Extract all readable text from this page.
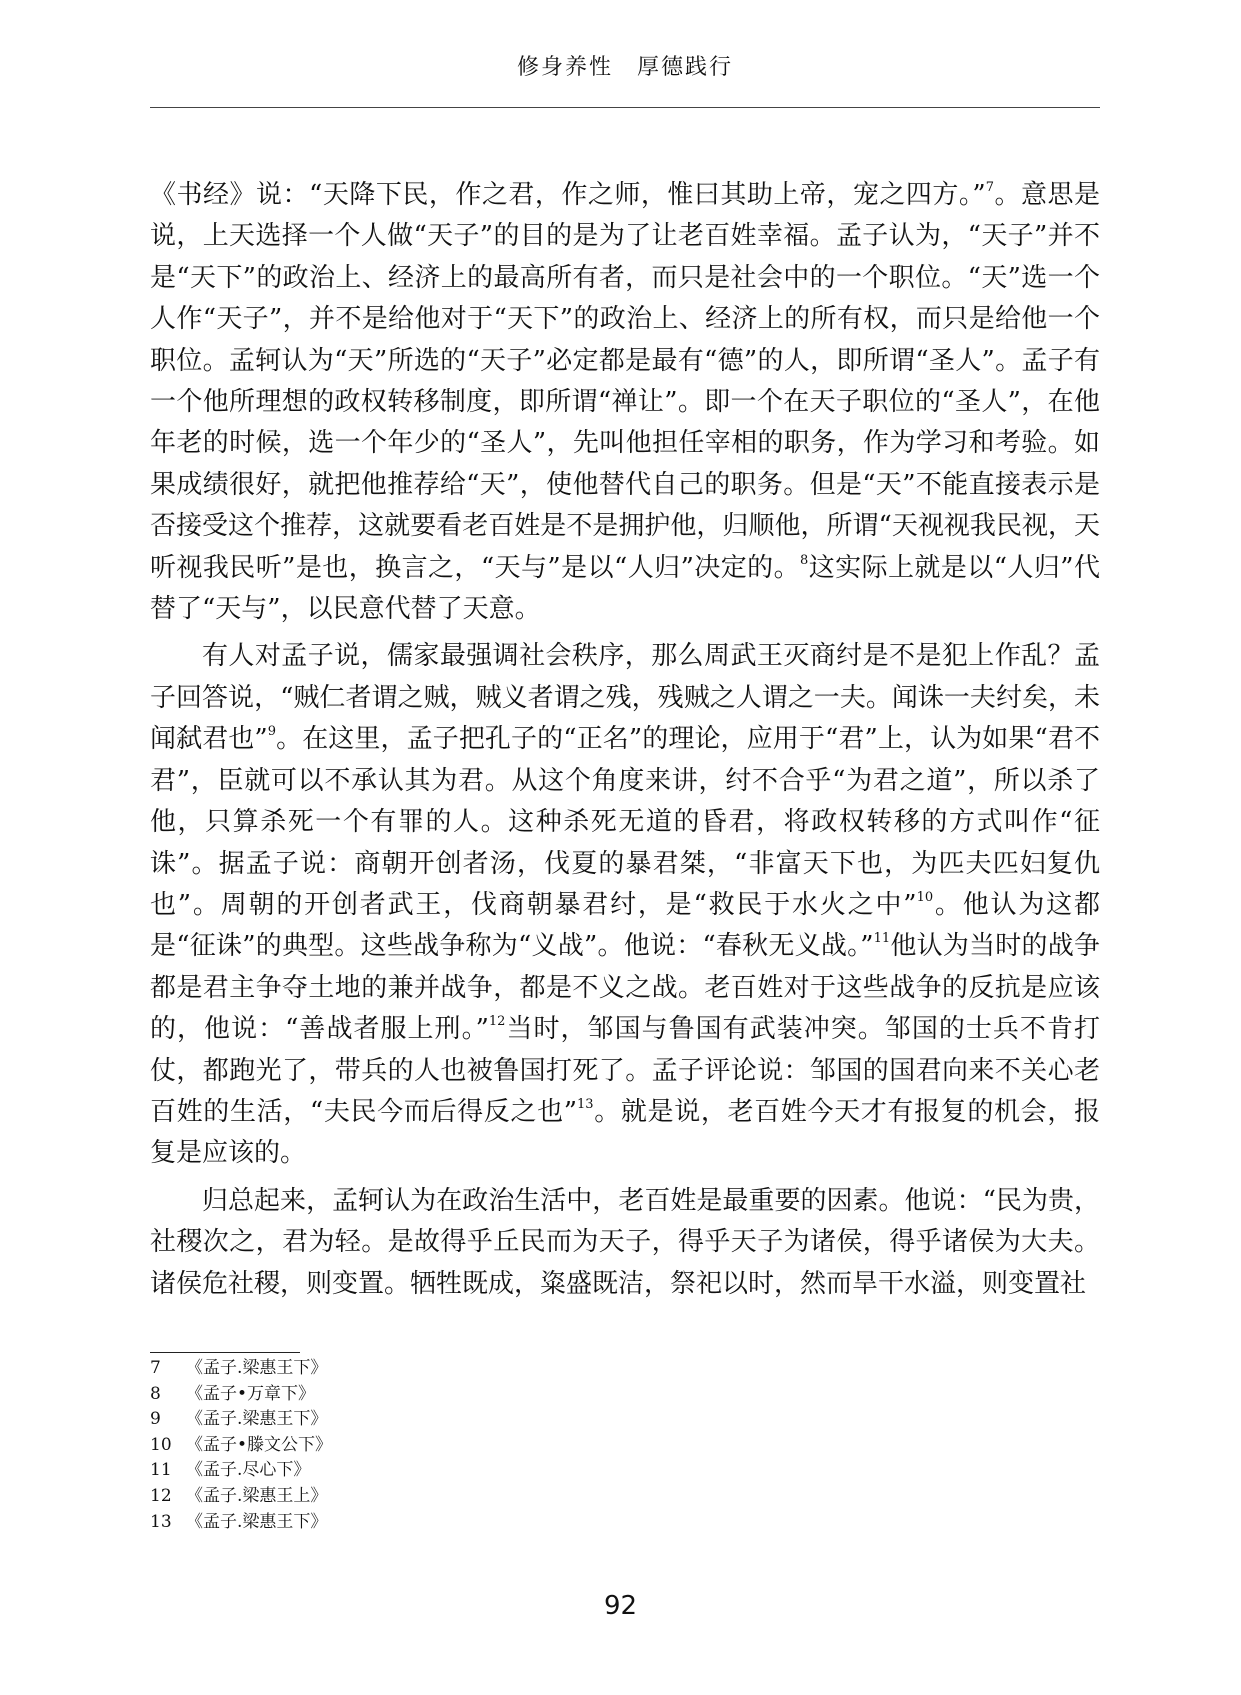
修身养性　厚德践行

《书经》说：“天降下民，作之君，作之师，惟曰其助上帝，宠之四方。”$^7$。意思是说，上天选择一个人做“天子”的目的是为了让老百姓幸福。孟子认为，“天子”并不是“天下”的政治上、经济上的最高所有者，而只是社会中的一个职位。“天”选一个人作“天子”，并不是给他对于“天下”的政治上、经济上的所有权，而只是给他一个职位。孟轲认为“天”所选的“天子”必定都是最有“德”的人，即所谓“圣人”。孟子有一个他所理想的政权转移制度，即所谓“禅让”。即一个在天子职位的“圣人”，在他年老的时候，选一个年少的“圣人”，先叫他担任宰相的职务，作为学习和考验。如果成绩很好，就把他推荐给“天”，使他替代自己的职务。但是“天”不能直接表示是否接受这个推荐，这就要看老百姓是不是拥护他，归顺他，所谓“天视视我民视，天听视我民听”是也，换言之，“天与”是以“人归”决定的。$^8$这实际上就是以“人归”代替了“天与”，以民意代替了天意。

有人对孟子说，儒家最强调社会秩序，那么周武王灭商纣是不是犯上作乱？孟子回答说，“贼仁者谓之贼，贼义者谓之残，残贼之人谓之一夫。闻诛一夫纣矣，未闻弑君也”$^9$。在这里，孟子把孔子的“正名”的理论，应用于“君”上，认为如果“君不君”，臣就可以不承认其为君。从这个角度来讲，纣不合乎“为君之道”，所以杀了他，只算杀死一个有罪的人。这种杀死无道的昏君，将政权转移的方式叫作“征诛”。据孟子说：商朝开创者汤，伐夏的暴君桀，“非富天下也，为匹夫匹妇复仇也”。周朝的开创者武王，伐商朝暴君纣，是“救民于水火之中”$^{10}$。他认为这都是“征诛”的典型。这些战争称为“义战”。他说：“春秋无义战。”$^{11}$他认为当时的战争都是君主争夺土地的兼并战争，都是不义之战。老百姓对于这些战争的反抗是应该的，他说：“善战者服上刑。”$^{12}$当时，邹国与鲁国有武装冲突。邹国的士兵不肯打仗，都跑光了，带兵的人也被鲁国打死了。孟子评论说：邹国的国君向来不关心老百姓的生活，“夫民今而后得反之也”$^{13}$。就是说，老百姓今天才有报复的机会，报复是应该的。

归总起来，孟轲认为在政治生活中，老百姓是最重要的因素。他说：“民为贵，社稷次之，君为轻。是故得乎丘民而为天子，得乎天子为诸侯，得乎诸侯为大夫。诸侯危社稷，则变置。牺牲既成，粢盛既洁，祭祀以时，然而旱干水溢，则变置社

7	《孟子.梁惠王下》
8	《孟子•万章下》
9	《孟子.梁惠王下》
10 《孟子•滕文公下》
11 《孟子.尽心下》
12 《孟子.梁惠王上》
13 《孟子.梁惠王下》
92
